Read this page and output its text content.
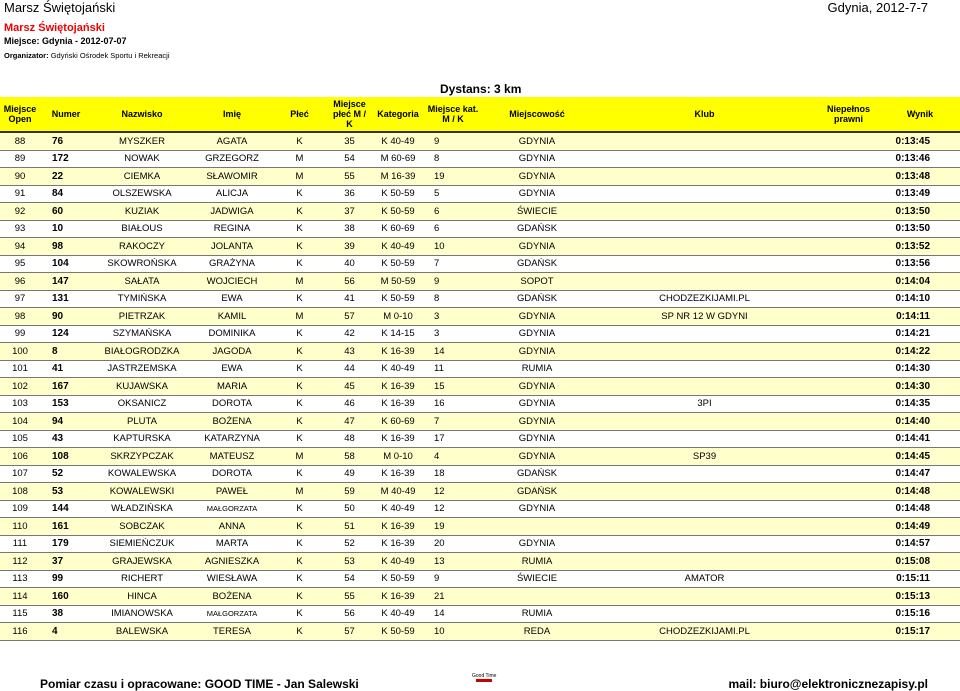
Marsz Świętojański	Gdynia, 2012-7-7
Marsz Świętojański
Miejsce: Gdynia - 2012-07-07
Organizator: Gdyński Ośrodek Sportu i Rekreacji
Dystans: 3 km
Miejsce Open	Numer	Nazwisko	Imię	Płeć	Miejsce płeć M / K	Kategoria	Miejsce kat. M / K	Miejscowość	Klub	Niepełnos prawni	Wynik
88	76	MYSZKER	AGATA	K	35	K 40-49	9	GDYNIA			0:13:45
89	172	NOWAK	GRZEGORZ	M	54	M 60-69	8	GDYNIA			0:13:46
90	22	CIEMKA	SŁAWOMIR	M	55	M 16-39	19	GDYNIA			0:13:48
91	84	OLSZEWSKA	ALICJA	K	36	K 50-59	5	GDYNIA			0:13:49
92	60	KUZIAK	JADWIGA	K	37	K 50-59	6	ŚWIECIE			0:13:50
93	10	BIAŁOUS	REGINA	K	38	K 60-69	6	GDAŃSK			0:13:50
94	98	RAKOCZY	JOLANTA	K	39	K 40-49	10	GDYNIA			0:13:52
95	104	SKOWROŃSKA	GRAŻYNA	K	40	K 50-59	7	GDAŃSK			0:13:56
96	147	SAŁATA	WOJCIECH	M	56	M 50-59	9	SOPOT			0:14:04
97	131	TYMIŃSKA	EWA	K	41	K 50-59	8	GDAŃSK	CHODZEZKIJAMI.PL		0:14:10
98	90	PIETRZAK	KAMIL	M	57	M 0-10	3	GDYNIA	SP NR 12 W GDYNI		0:14:11
99	124	SZYMAŃSKA	DOMINIKA	K	42	K 14-15	3	GDYNIA			0:14:21
100	8	BIAŁOGRODZKA	JAGODA	K	43	K 16-39	14	GDYNIA			0:14:22
101	41	JASTRZEMSKA	EWA	K	44	K 40-49	11	RUMIA			0:14:30
102	167	KUJAWSKA	MARIA	K	45	K 16-39	15	GDYNIA			0:14:30
103	153	OKSANICZ	DOROTA	K	46	K 16-39	16	GDYNIA	3PI		0:14:35
104	94	PLUTA	BOŻENA	K	47	K 60-69	7	GDYNIA			0:14:40
105	43	KAPTURSKA	KATARZYNA	K	48	K 16-39	17	GDYNIA			0:14:41
106	108	SKRZYPCZAK	MATEUSZ	M	58	M 0-10	4	GDYNIA	SP39		0:14:45
107	52	KOWALEWSKA	DOROTA	K	49	K 16-39	18	GDAŃSK			0:14:47
108	53	KOWALEWSKI	PAWEŁ	M	59	M 40-49	12	GDAŃSK			0:14:48
109	144	WŁADZIŃSKA	MAŁGORZATA	K	50	K 40-49	12	GDYNIA			0:14:48
110	161	SOBCZAK	ANNA	K	51	K 16-39	19				0:14:49
111	179	SIEMIEŃCZUK	MARTA	K	52	K 16-39	20	GDYNIA			0:14:57
112	37	GRAJEWSKA	AGNIESZKA	K	53	K 40-49	13	RUMIA			0:15:08
113	99	RICHERT	WIESŁAWA	K	54	K 50-59	9	ŚWIECIE	AMATOR		0:15:11
114	160	HINCA	BOŻENA	K	55	K 16-39	21				0:15:13
115	38	IMIANOWSKA	MAŁGORZATA	K	56	K 40-49	14	RUMIA			0:15:16
116	4	BALEWSKA	TERESA	K	57	K 50-59	10	REDA	CHODZEZKIJAMI.PL		0:15:17
Pomiar czasu i opracowane: GOOD TIME - Jan Salewski
Good Time
mail: biuro@elektronicznezapisy.pl
